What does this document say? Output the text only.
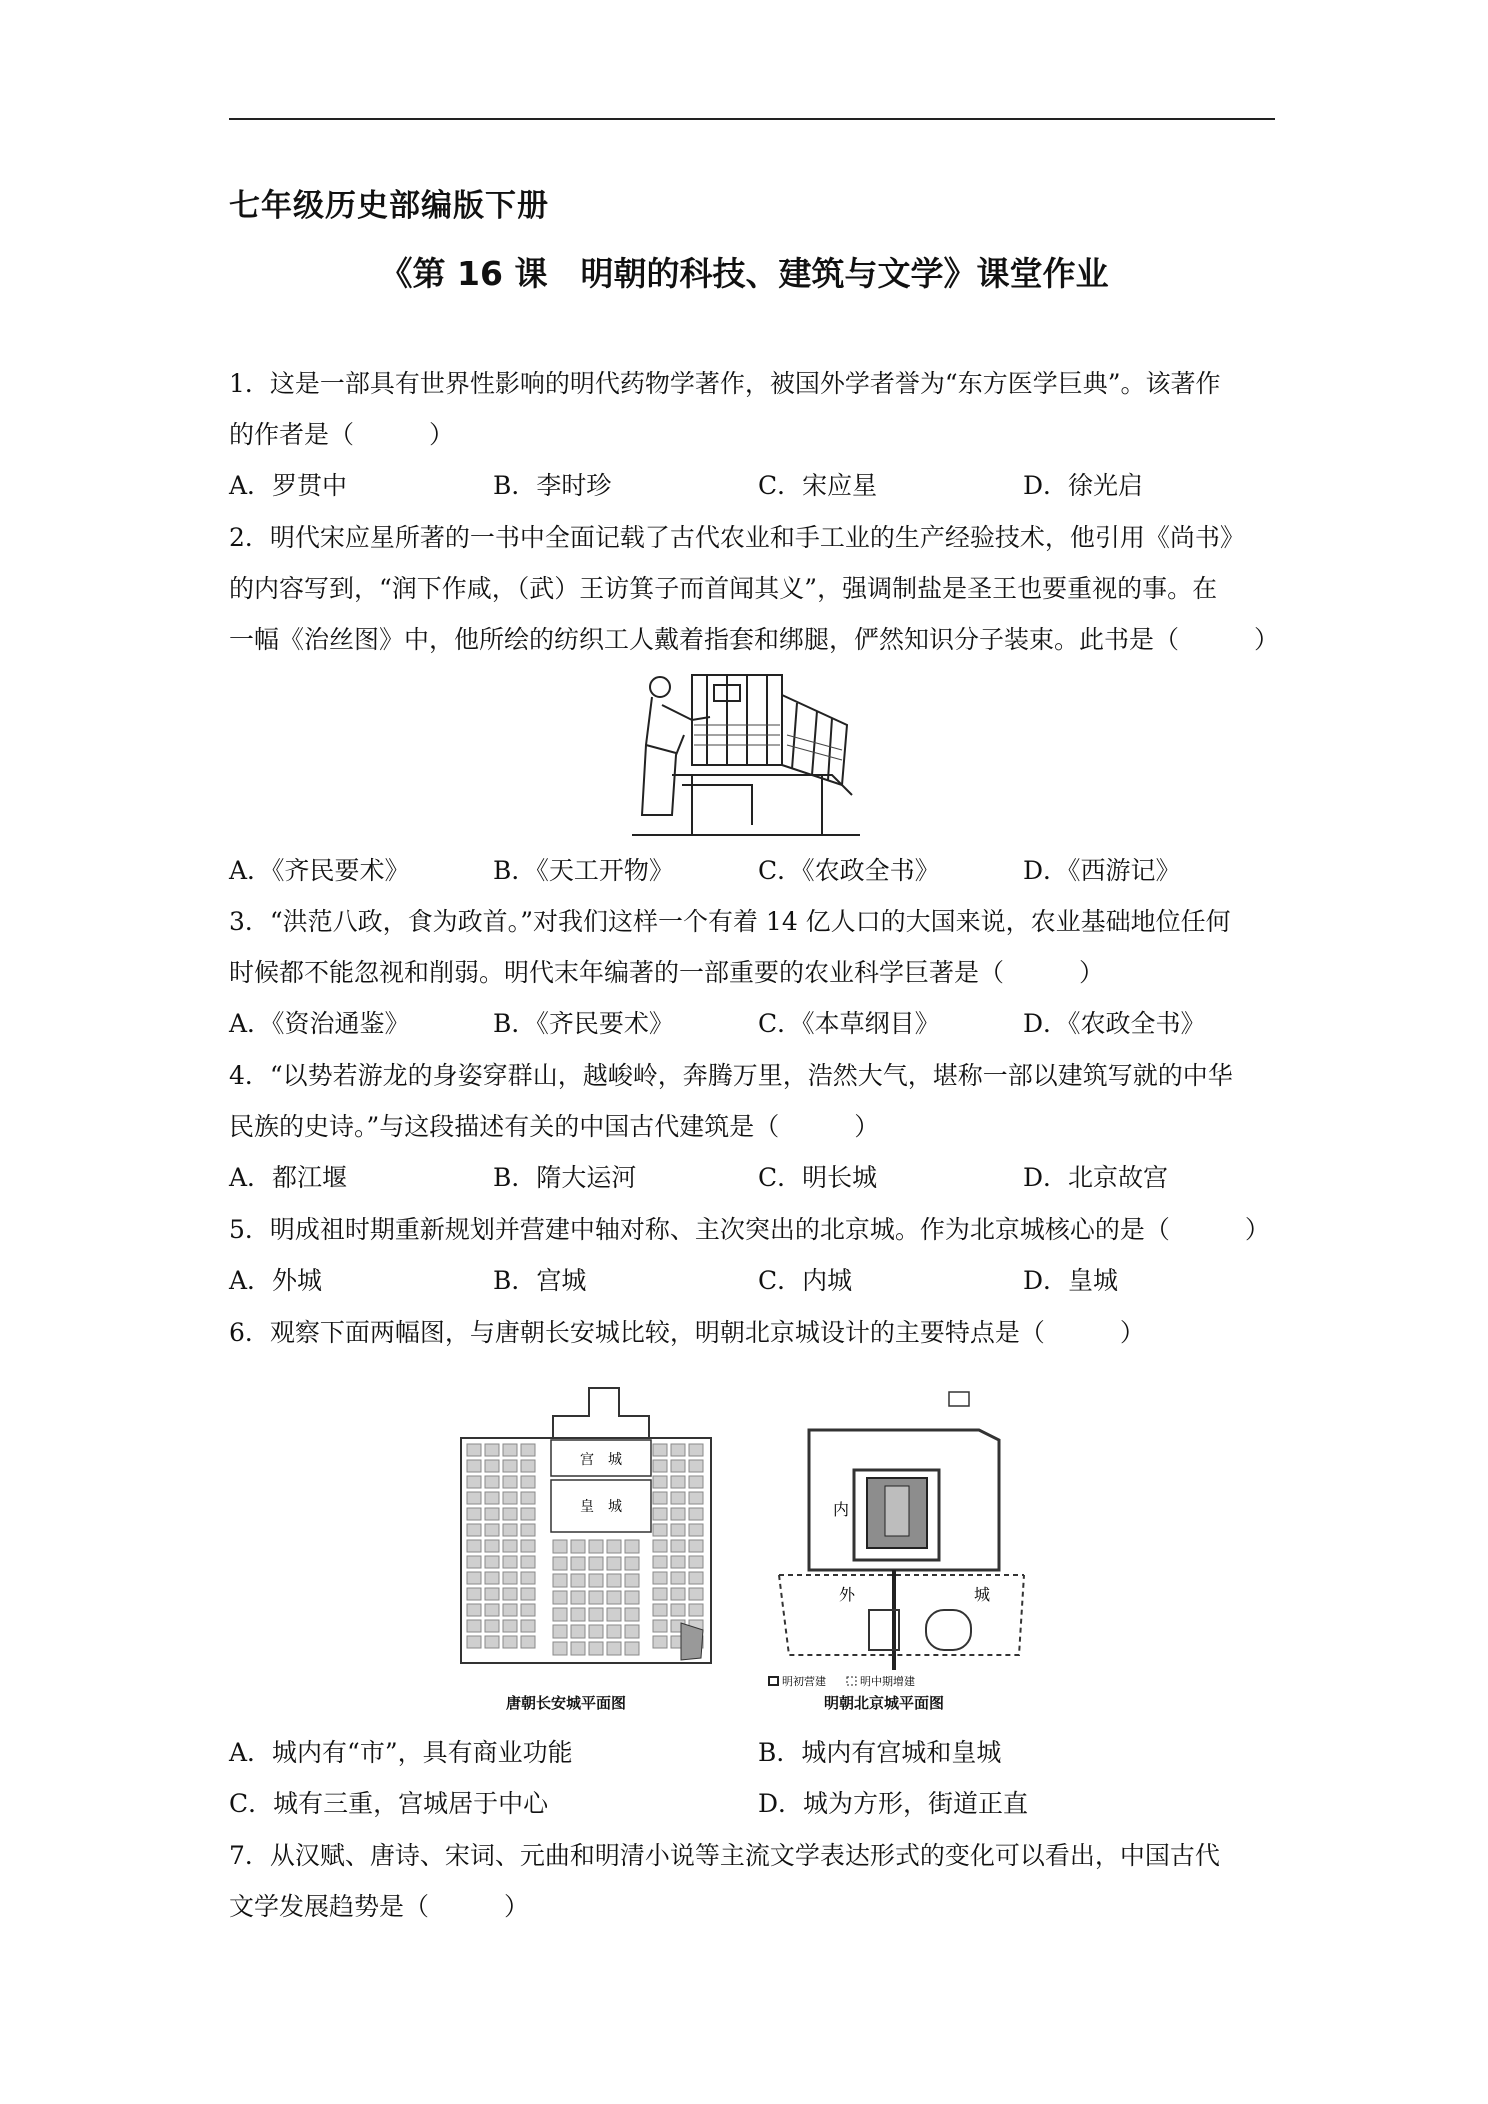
七年级历史部编版下册
《第 16 课　明朝的科技、建筑与文学》课堂作业
1．这是一部具有世界性影响的明代药物学著作，被国外学者誉为“东方医学巨典”。该著作
的作者是（　　　）
A．罗贯中	B．李时珍	C．宋应星	D．徐光启
2．明代宋应星所著的一书中全面记载了古代农业和手工业的生产经验技术，他引用《尚书》
的内容写到，“润下作咸，（武）王访箕子而首闻其义”，强调制盐是圣王也要重视的事。在
一幅《治丝图》中，他所绘的纺织工人戴着指套和绑腿，俨然知识分子装束。此书是（　　　）
A．《齐民要术》	B．《天工开物》	C．《农政全书》	D．《西游记》
3．“洪范八政，食为政首。”对我们这样一个有着 14 亿人口的大国来说，农业基础地位任何
时候都不能忽视和削弱。明代末年编著的一部重要的农业科学巨著是（　　　）
A．《资治通鉴》	B．《齐民要术》	C．《本草纲目》	D．《农政全书》
4．“以势若游龙的身姿穿群山，越峻岭，奔腾万里，浩然大气，堪称一部以建筑写就的中华
民族的史诗。”与这段描述有关的中国古代建筑是（　　　）
A．都江堰	B．隋大运河	C．明长城	D．北京故宫
5．明成祖时期重新规划并营建中轴对称、主次突出的北京城。作为北京城核心的是（　　　）
A．外城	B．宫城	C．内城	D．皇城
6．观察下面两幅图，与唐朝长安城比较，明朝北京城设计的主要特点是（　　　）
宫　城
皇　城
唐朝长安城平面图
内
外	城
明初营建	明中期增建
明朝北京城平面图
A．城内有“市”，具有商业功能	B．城内有宫城和皇城
C．城有三重，宫城居于中心	D．城为方形，街道正直
7．从汉赋、唐诗、宋词、元曲和明清小说等主流文学表达形式的变化可以看出，中国古代
文学发展趋势是（　　　）
